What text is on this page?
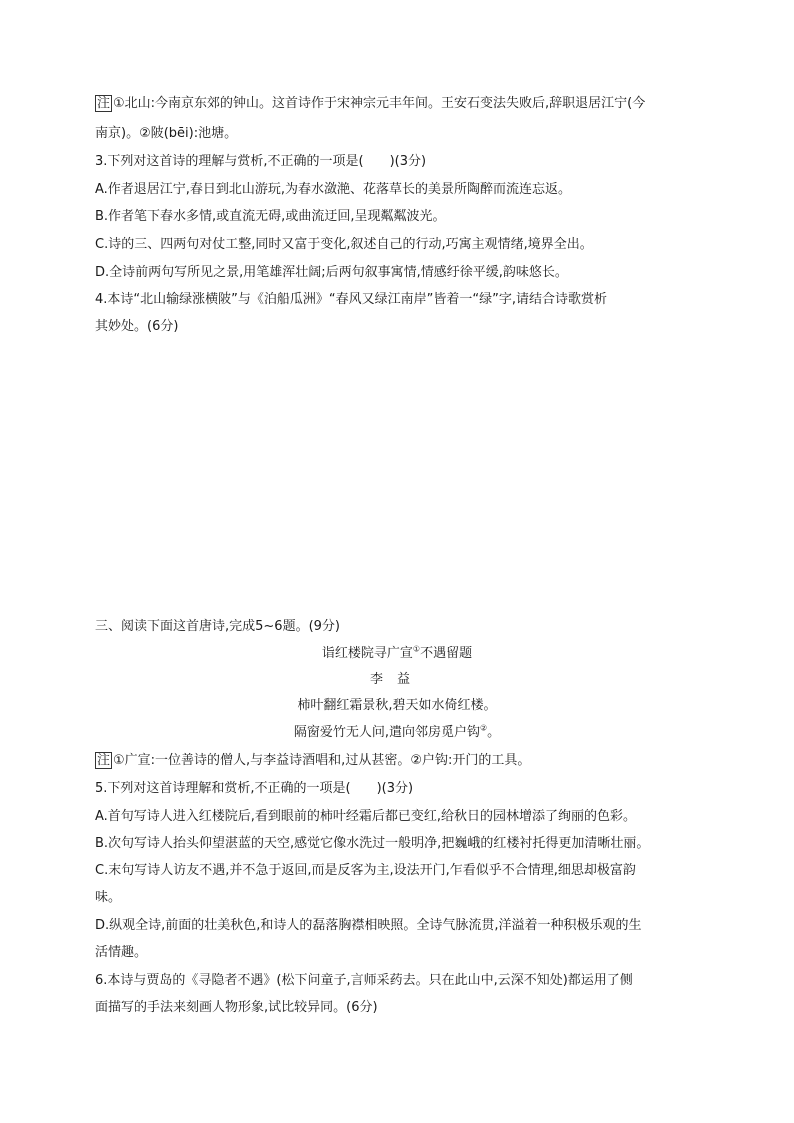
注 ①北山:今南京东郊的钟山。这首诗作于宋神宗元丰年间。王安石变法失败后,辞职退居江宁(今
南京)。②陂(bēi):池塘。
3.下列对这首诗的理解与赏析,不正确的一项是(　　)(3分)
A.作者退居江宁,春日到北山游玩,为春水潋滟、花落草长的美景所陶醉而流连忘返。
B.作者笔下春水多情,或直流无碍,或曲流迂回,呈现粼粼波光。
C.诗的三、四两句对仗工整,同时又富于变化,叙述自己的行动,巧寓主观情绪,境界全出。
D.全诗前两句写所见之景,用笔雄浑壮阔;后两句叙事寓情,情感纡徐平缓,韵味悠长。
4.本诗“北山输绿涨横陂”与《泊船瓜洲》“春风又绿江南岸”皆着一“绿”字,请结合诗歌赏析
其妙处。(6分)
三、阅读下面这首唐诗,完成5~6题。(9分)
诣红楼院寻广宣①不遇留题
李益
柿叶翻红霜景秋,碧天如水倚红楼。
隔窗爱竹无人问,遣向邻房觅户钩②。
注 ①广宣:一位善诗的僧人,与李益诗酒唱和,过从甚密。②户钩:开门的工具。
5.下列对这首诗理解和赏析,不正确的一项是(　　)(3分)
A.首句写诗人进入红楼院后,看到眼前的柿叶经霜后都已变红,给秋日的园林增添了绚丽的色彩。
B.次句写诗人抬头仰望湛蓝的天空,感觉它像水洗过一般明净,把巍峨的红楼衬托得更加清晰壮丽。
C.末句写诗人访友不遇,并不急于返回,而是反客为主,设法开门,乍看似乎不合情理,细思却极富韵
味。
D.纵观全诗,前面的壮美秋色,和诗人的磊落胸襟相映照。全诗气脉流贯,洋溢着一种积极乐观的生
活情趣。
6.本诗与贾岛的《寻隐者不遇》(松下问童子,言师采药去。只在此山中,云深不知处)都运用了侧
面描写的手法来刻画人物形象,试比较异同。(6分)
